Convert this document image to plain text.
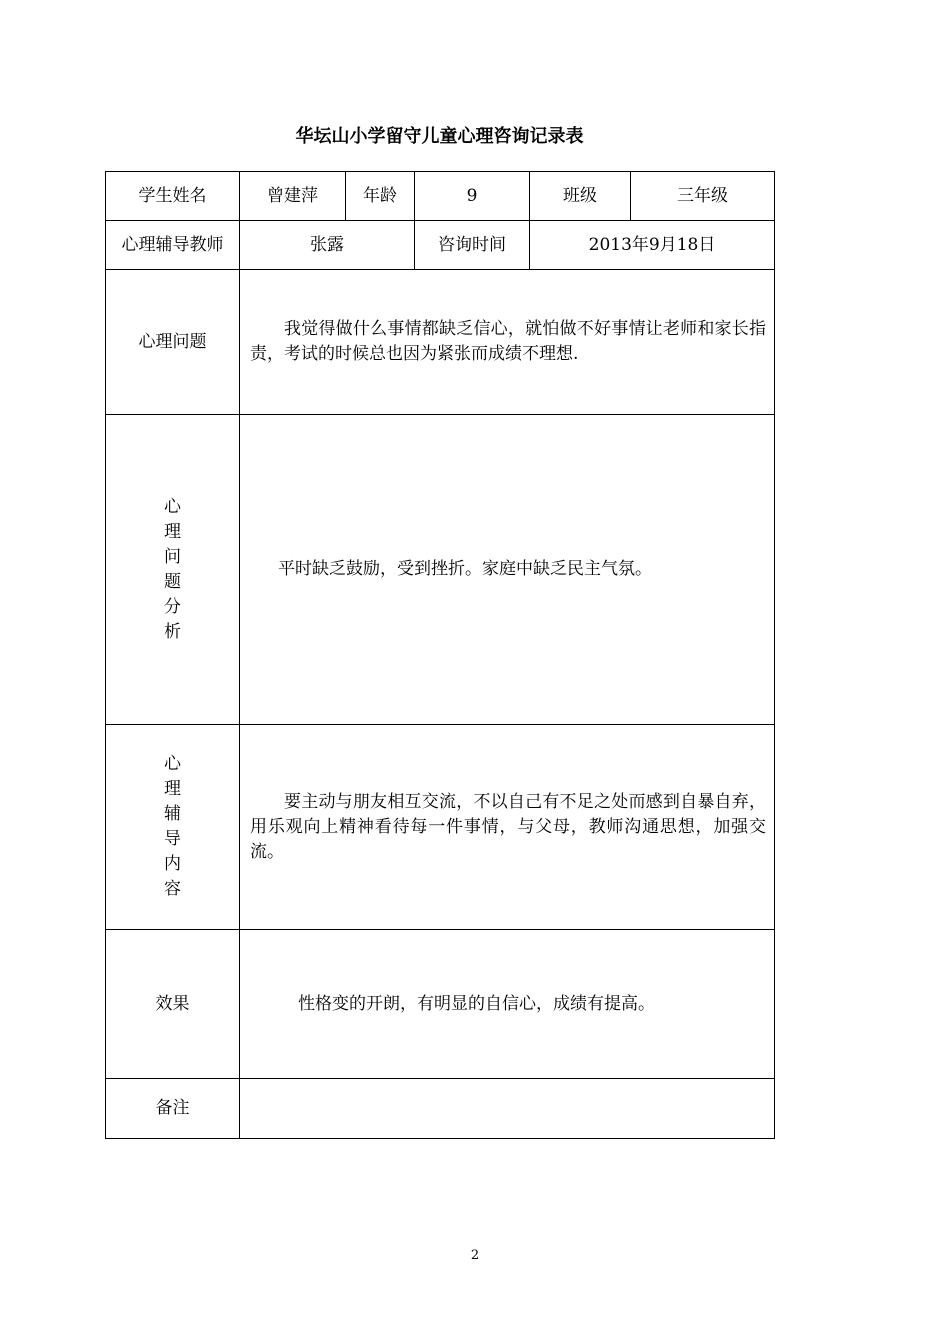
华坛山小学留守儿童心理咨询记录表
学生姓名	曾建萍	年龄	9	班级	三年级
心理辅导教师	张露		咨询时间	2013年9月18日	
心理问题	我觉得做什么事情都缺乏信心，就怕做不好事情让老师和家长指责，考试的时候总也因为紧张而成绩不理想.				

心理问题分析	平时缺乏鼓励，受到挫折。家庭中缺乏民主气氛。				

心理辅导内容	要主动与朋友相互交流，不以自己有不足之处而感到自暴自弃，用乐观向上精神看待每一件事情，与父母，教师沟通思想，加强交流。				

效果	性格变的开朗，有明显的自信心，成绩有提高。				

备注					
2
